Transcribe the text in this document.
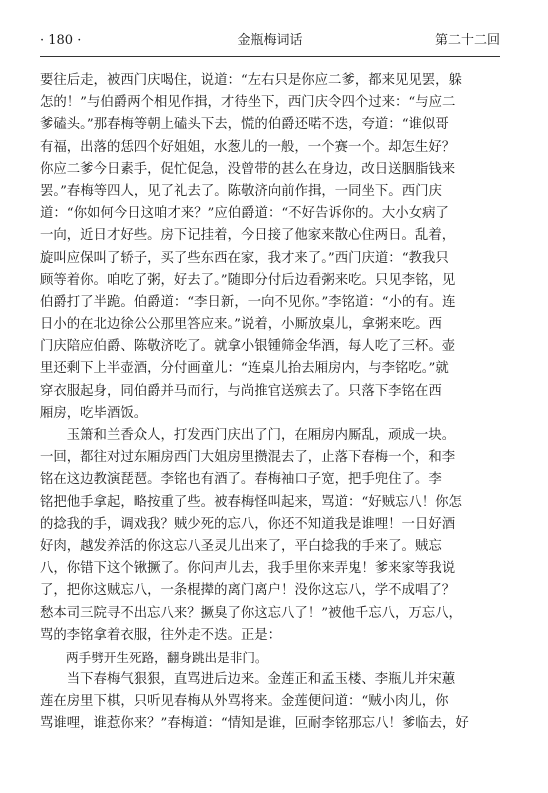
· 180 ·	金瓶梅词话	第二十二回
要往后走，被西门庆喝住，说道：“左右只是你应二爹，都来见见罢，躲
怎的！”与伯爵两个相见作揖，才待坐下，西门庆令四个过来：“与应二
爹磕头。”那春梅等朝上磕头下去，慌的伯爵还喏不迭，夸道：“谁似哥
有福，出落的恁四个好姐姐，水葱儿的一般，一个赛一个。却怎生好？
你应二爹今日素手，促忙促急，没曾带的甚么在身边，改日送胭脂钱来
罢。”春梅等四人，见了礼去了。陈敬济向前作揖，一同坐下。西门庆
道：“你如何今日这咱才来？”应伯爵道：“不好告诉你的。大小女病了
一向，近日才好些。房下记挂着，今日接了他家来散心住两日。乱着，
旋叫应保叫了轿子，买了些东西在家，我才来了。”西门庆道：“教我只
顾等着你。咱吃了粥，好去了。”随即分付后边看粥来吃。只见李铭，见
伯爵打了半跪。伯爵道：“李日新，一向不见你。”李铭道：“小的有。连
日小的在北边徐公公那里答应来。”说着，小厮放桌儿，拿粥来吃。西
门庆陪应伯爵、陈敬济吃了。就拿小银锺筛金华酒，每人吃了三杯。壶
里还剩下上半壶酒，分付画童儿：“连桌儿抬去厢房内，与李铭吃。”就
穿衣服起身，同伯爵并马而行，与尚推官送殡去了。只落下李铭在西
厢房，吃毕酒饭。
　　玉箫和兰香众人，打发西门庆出了门，在厢房内厮乱，顽成一块。
一回，都往对过东厢房西门大姐房里攒混去了，止落下春梅一个，和李
铭在这边教演琵琶。李铭也有酒了。春梅袖口子宽，把手兜住了。李
铭把他手拿起，略按重了些。被春梅怪叫起来，骂道：“好贼忘八！你怎
的捻我的手，调戏我？贼少死的忘八，你还不知道我是谁哩！一日好酒
好肉，越发养活的你这忘八圣灵儿出来了，平白捻我的手来了。贼忘
八，你错下这个锹撅了。你问声儿去，我手里你来弄鬼！爹来家等我说
了，把你这贼忘八，一条棍撵的离门离户！没你这忘八，学不成唱了？
愁本司三院寻不出忘八来？撅臭了你这忘八了！”被他千忘八，万忘八，
骂的李铭拿着衣服，往外走不迭。正是：
两手劈开生死路，翻身跳出是非门。
　　当下春梅气狠狠，直骂进后边来。金莲正和孟玉楼、李瓶儿并宋蕙
莲在房里下棋，只听见春梅从外骂将来。金莲便问道：“贼小肉儿，你
骂谁哩，谁惹你来？”春梅道：“情知是谁，叵耐李铭那忘八！爹临去，好
